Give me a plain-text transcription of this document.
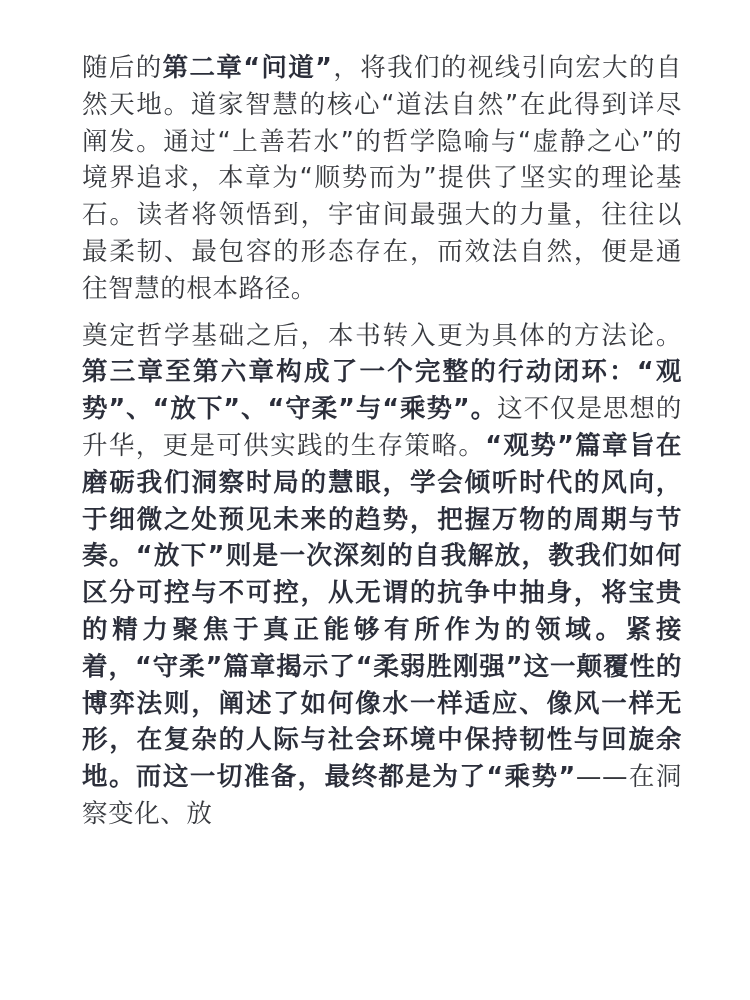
随后的第二章“问道”，将我们的视线引向宏大的自然天地。道家智慧的核心“道法自然”在此得到详尽阐发。通过“上善若水”的哲学隐喻与“虚静之心”的境界追求，本章为“顺势而为”提供了坚实的理论基石。读者将领悟到，宇宙间最强大的力量，往往以最柔韧、最包容的形态存在，而效法自然，便是通往智慧的根本路径。

奠定哲学基础之后，本书转入更为具体的方法论。第三章至第六章构成了一个完整的行动闭环：“观势”、“放下”、“守柔”与“乘势”。这不仅是思想的升华，更是可供实践的生存策略。“观势”篇章旨在磨砺我们洞察时局的慧眼，学会倾听时代的风向，于细微之处预见未来的趋势，把握万物的周期与节奏。“放下”则是一次深刻的自我解放，教我们如何区分可控与不可控，从无谓的抗争中抽身，将宝贵的精力聚焦于真正能够有所作为的领域。紧接着，“守柔”篇章揭示了“柔弱胜刚强”这一颠覆性的博弈法则，阐述了如何像水一样适应、像风一样无形，在复杂的人际与社会环境中保持韧性与回旋余地。而这一切准备，最终都是为了“乘势”——在洞察变化、放
